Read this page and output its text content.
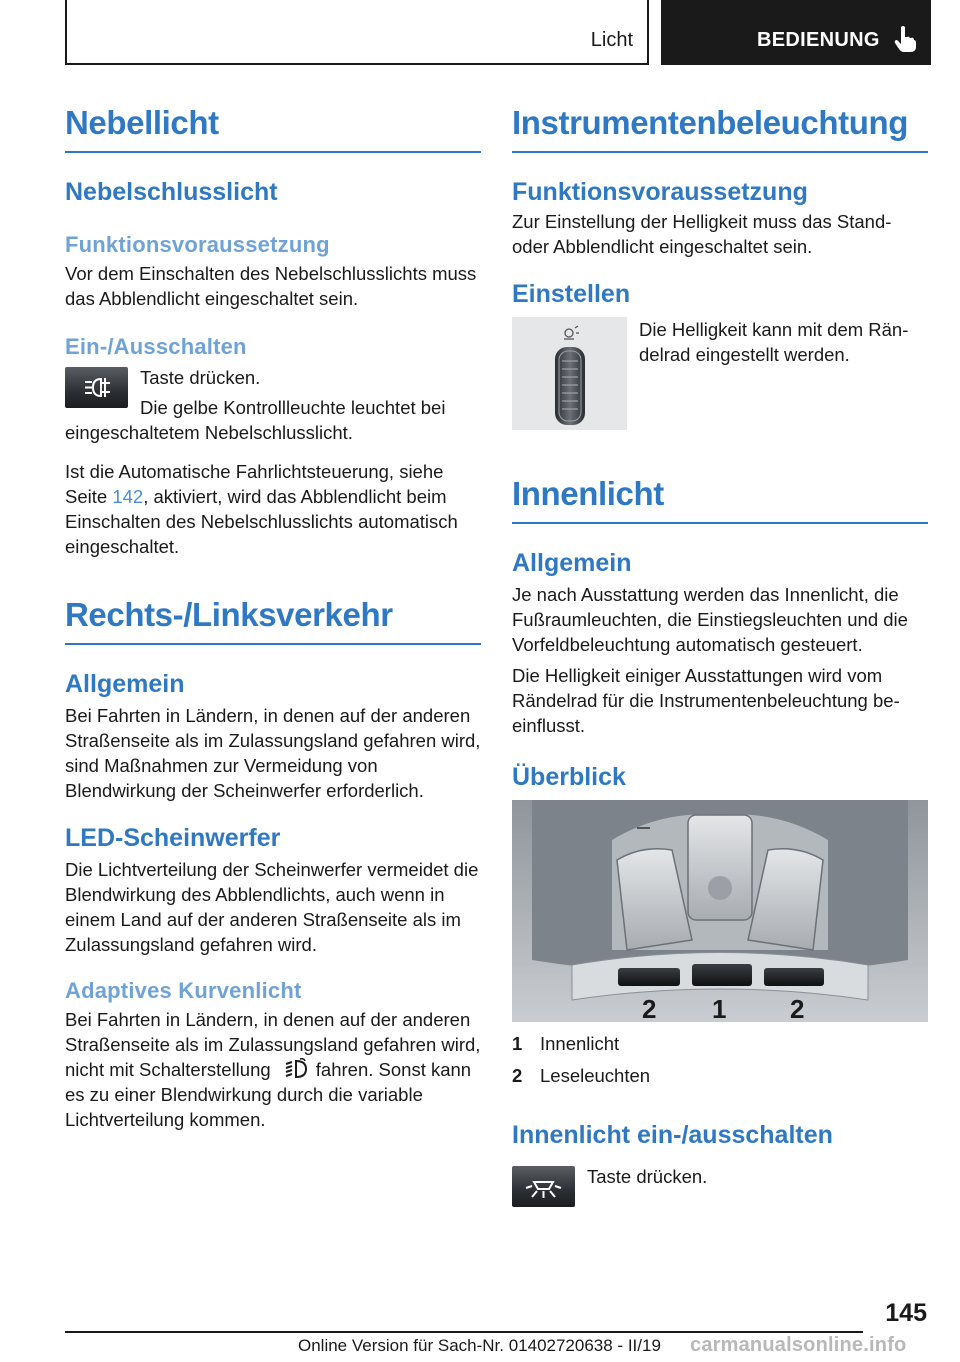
Licht	BEDIENUNG
Nebellicht
Nebelschlusslicht
Funktionsvoraussetzung

Vor dem Einschalten des Nebelschlusslichts muss das Abblendlicht eingeschaltet sein.

Ein-/Ausschalten

Taste drücken.

Die gelbe Kontrollleuchte leuchtet bei

eingeschaltetem Nebelschlusslicht.

Ist die Automatische Fahrlichtsteuerung, siehe Seite 142, aktiviert, wird das Abblendlicht beim Einschalten des Nebelschlusslichts automatisch eingeschaltet.

Rechts-/Linksverkehr
Allgemein

Bei Fahrten in Ländern, in denen auf der anderen Straßenseite als im Zulassungsland gefahren wird, sind Maßnahmen zur Vermeidung von Blendwirkung der Scheinwerfer erforderlich.

LED-Scheinwerfer

Die Lichtverteilung der Scheinwerfer vermeidet die Blendwirkung des Abblendlichts, auch wenn in einem Land auf der anderen Straßenseite als im Zulassungsland gefahren wird.

Adaptives Kurvenlicht

Bei Fahrten in Ländern, in denen auf der anderen Straßenseite als im Zulassungsland gefahren wird, nicht mit Schalterstellung fahren. Sonst kann es zu einer Blendwirkung durch die variable Lichtverteilung kommen.

Instrumentenbeleuchtung
Funktionsvoraussetzung

Zur Einstellung der Helligkeit muss das Stand- oder Abblendlicht eingeschaltet sein.

Einstellen

Die Helligkeit kann mit dem Rän-delrad eingestellt werden.

Innenlicht
Allgemein

Je nach Ausstattung werden das Innenlicht, die Fußraumleuchten, die Einstiegsleuchten und die Vorfeldbeleuchtung automatisch gesteuert.

Die Helligkeit einiger Ausstattungen wird vom Rändelrad für die Instrumentenbeleuchtung be-einflusst.

Überblick
2 1 2
1 Innenlicht
2 Leseleuchten
Innenlicht ein-/ausschalten

Taste drücken.

145
Online Version für Sach-Nr. 01402720638 - II/19 carmanualsonline.info
